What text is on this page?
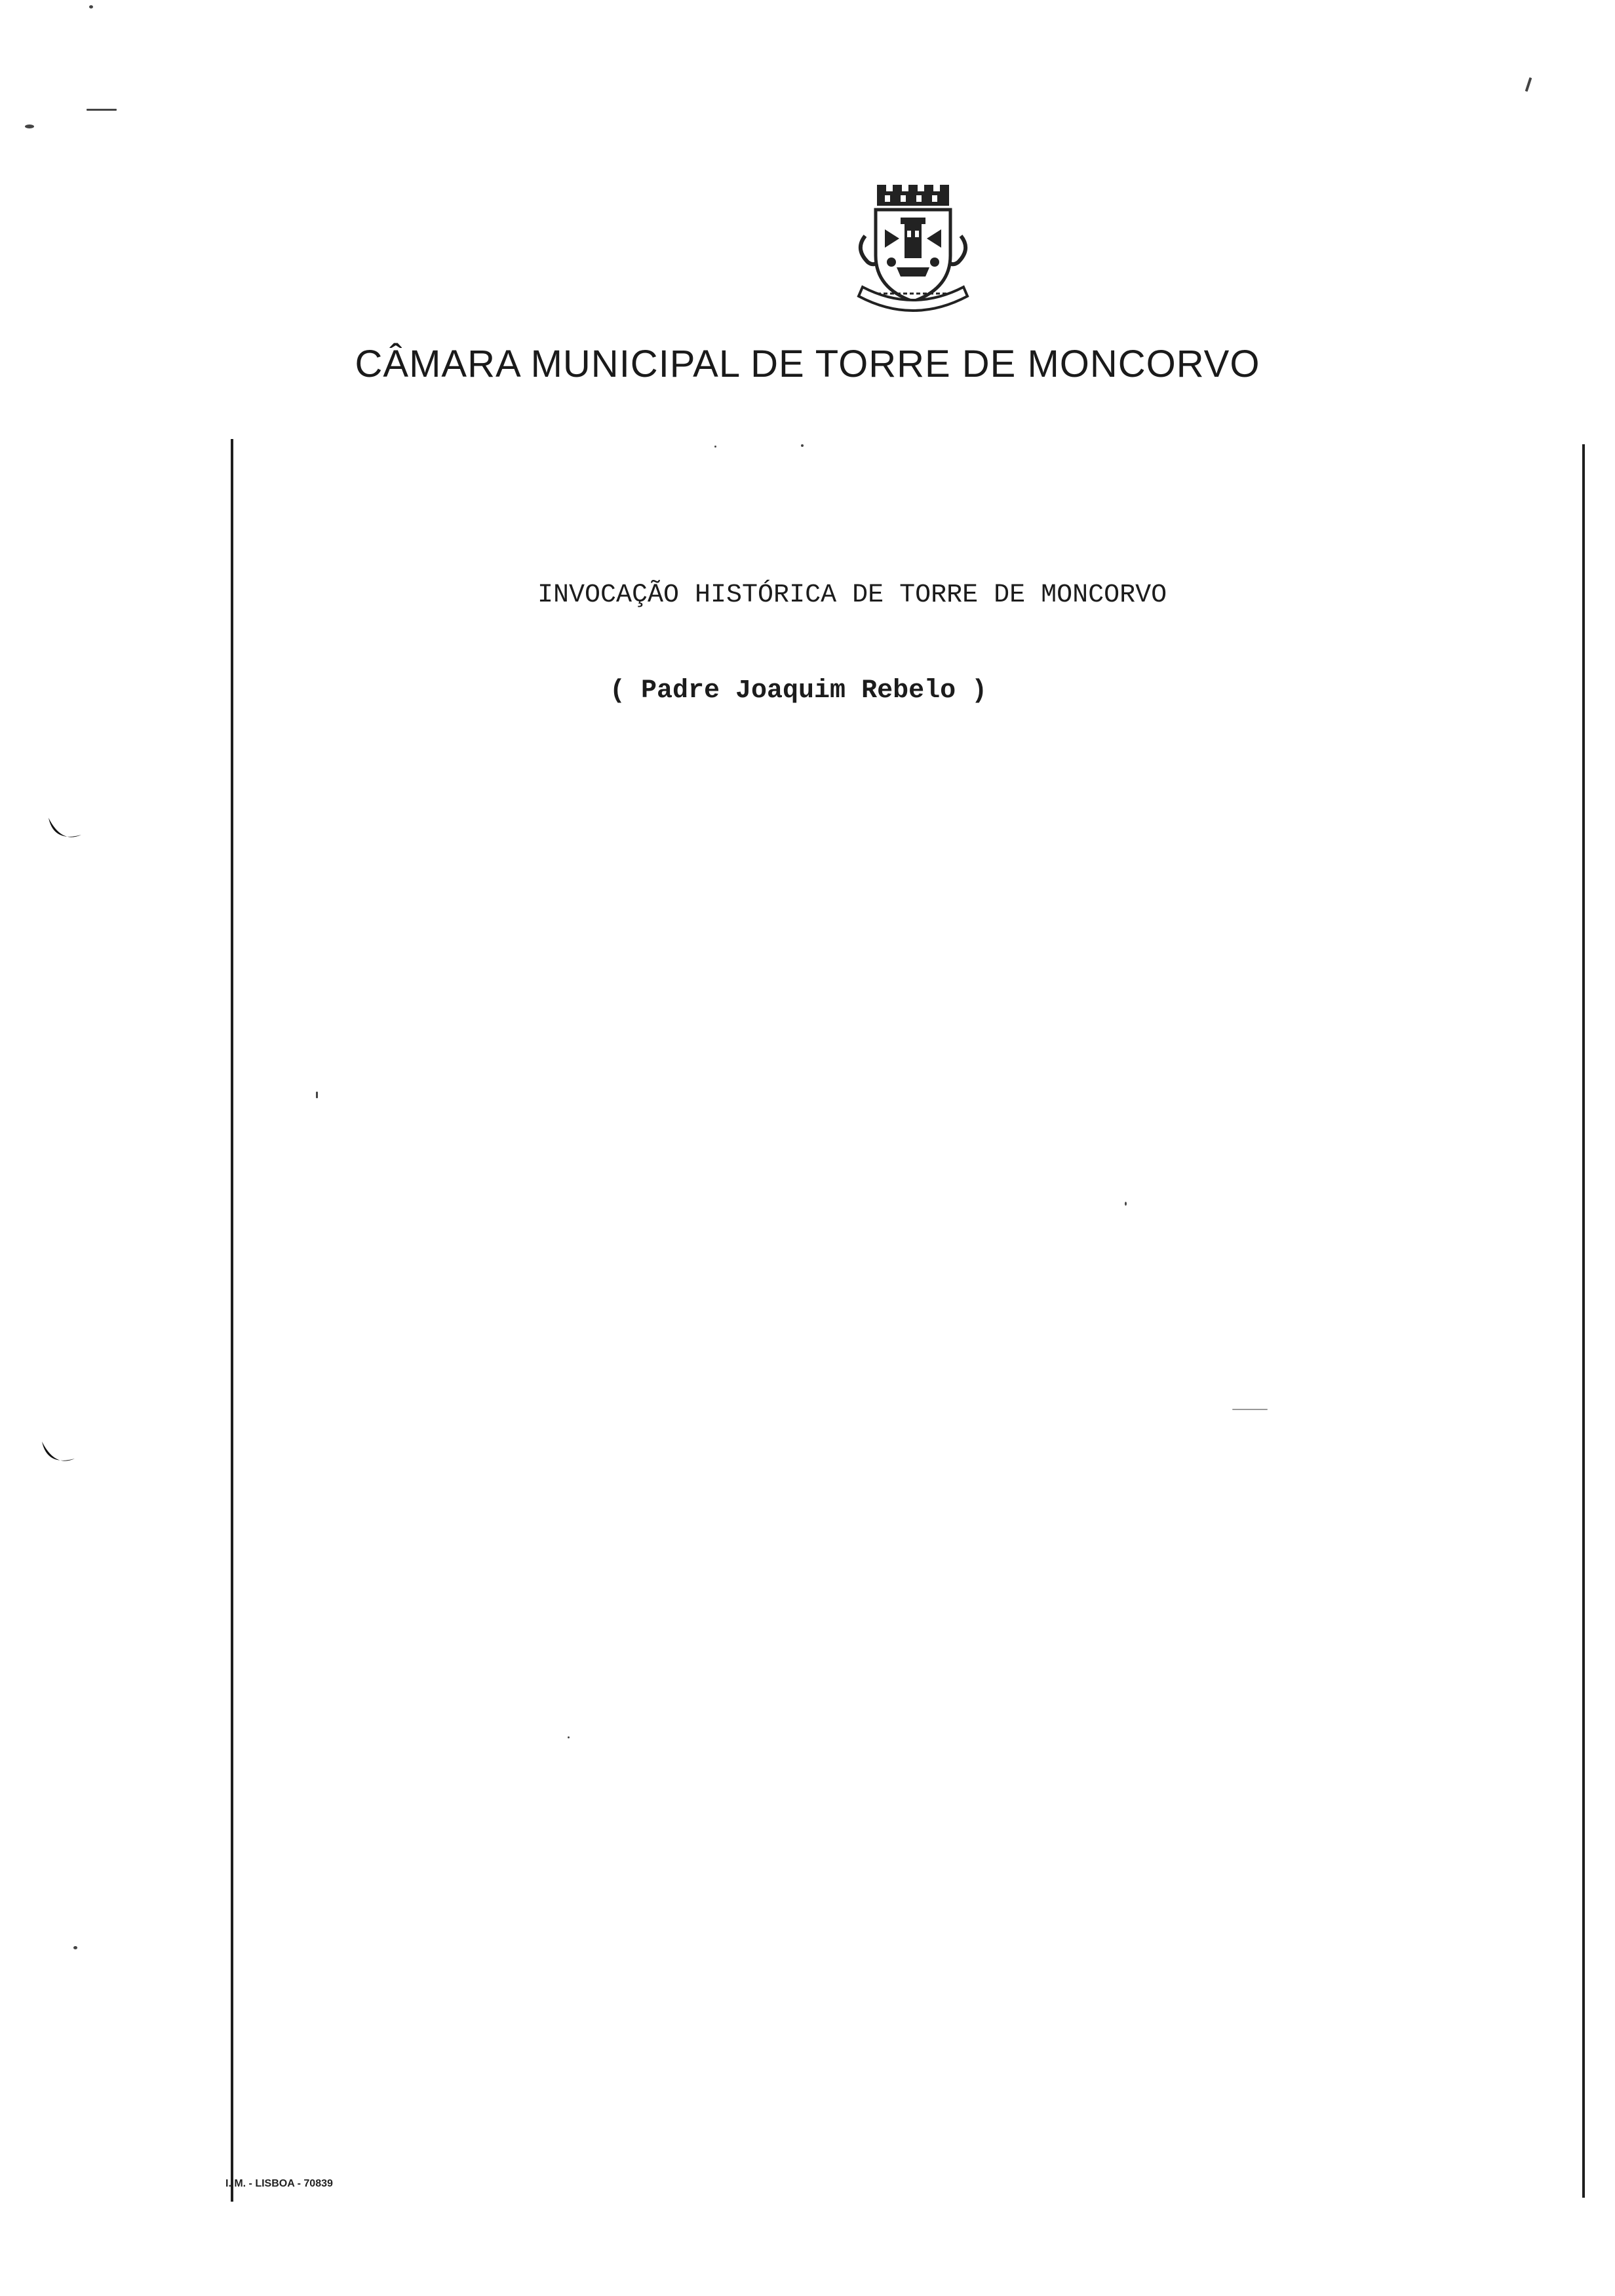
CÂMARA MUNICIPAL DE TORRE DE MONCORVO
INVOCAÇÃO HISTÓRICA DE TORRE DE MONCORVO
( Padre Joaquim Rebelo )
I. M. - LISBOA - 70839
